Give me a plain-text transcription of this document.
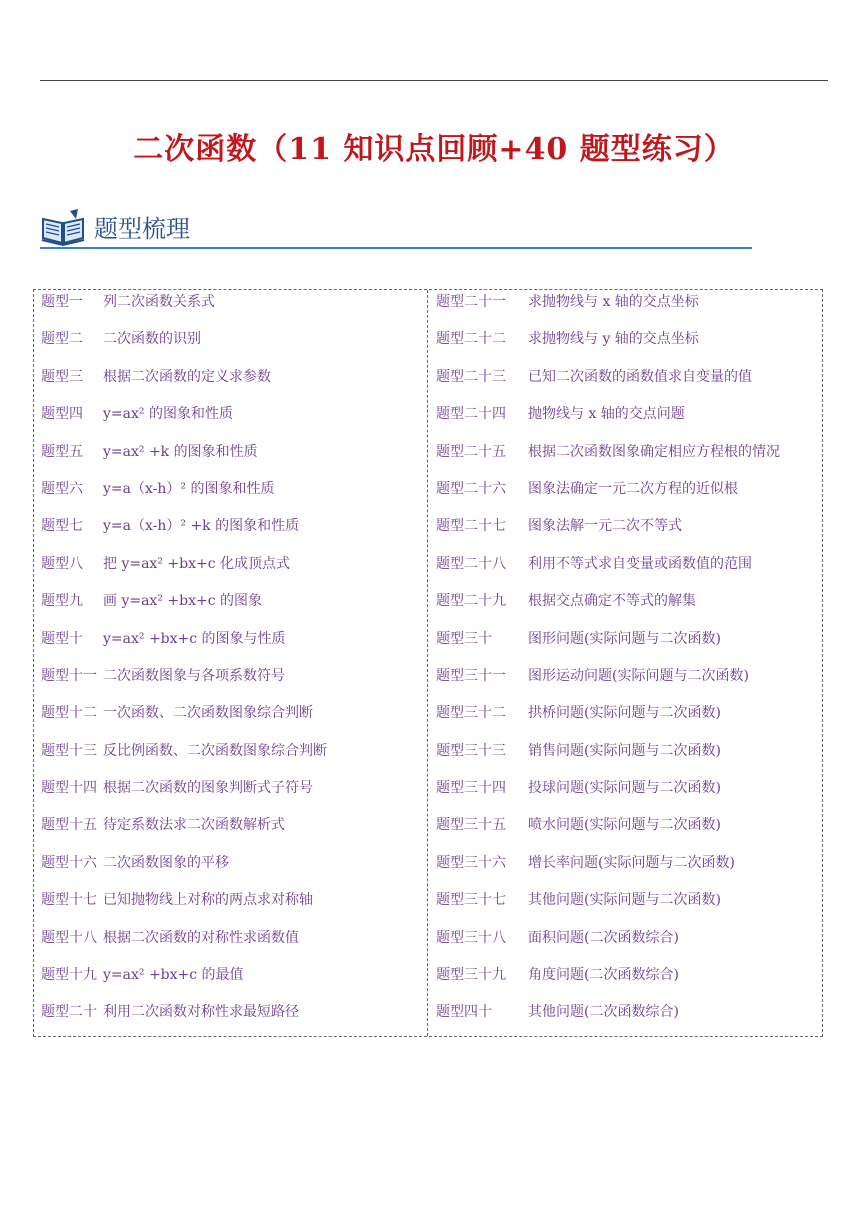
二次函数（11 知识点回顾+40 题型练习）
题型梳理
题型一 列二次函数关系式
题型二 二次函数的识别
题型三 根据二次函数的定义求参数
题型四 y=ax² 的图象和性质
题型五 y=ax² +k 的图象和性质
题型六 y=a（x-h）² 的图象和性质
题型七 y=a（x-h）² +k 的图象和性质
题型八 把 y=ax² +bx+c 化成顶点式
题型九 画 y=ax² +bx+c 的图象
题型十 y=ax² +bx+c 的图象与性质
题型十一 二次函数图象与各项系数符号
题型十二 一次函数、二次函数图象综合判断
题型十三 反比例函数、二次函数图象综合判断
题型十四 根据二次函数的图象判断式子符号
题型十五 待定系数法求二次函数解析式
题型十六 二次函数图象的平移
题型十七 已知抛物线上对称的两点求对称轴
题型十八 根据二次函数的对称性求函数值
题型十九 y=ax² +bx+c 的最值
题型二十 利用二次函数对称性求最短路径
题型二十一 求抛物线与 x 轴的交点坐标
题型二十二 求抛物线与 y 轴的交点坐标
题型二十三 已知二次函数的函数值求自变量的值
题型二十四 抛物线与 x 轴的交点问题
题型二十五 根据二次函数图象确定相应方程根的情况
题型二十六 图象法确定一元二次方程的近似根
题型二十七 图象法解一元二次不等式
题型二十八 利用不等式求自变量或函数值的范围
题型二十九 根据交点确定不等式的解集
题型三十	图形问题(实际问题与二次函数)
题型三十一 图形运动问题(实际问题与二次函数)
题型三十二 拱桥问题(实际问题与二次函数)
题型三十三 销售问题(实际问题与二次函数)
题型三十四 投球问题(实际问题与二次函数)
题型三十五 喷水问题(实际问题与二次函数)
题型三十六 增长率问题(实际问题与二次函数)
题型三十七 其他问题(实际问题与二次函数)
题型三十八 面积问题(二次函数综合)
题型三十九 角度问题(二次函数综合)
题型四十	其他问题(二次函数综合)
